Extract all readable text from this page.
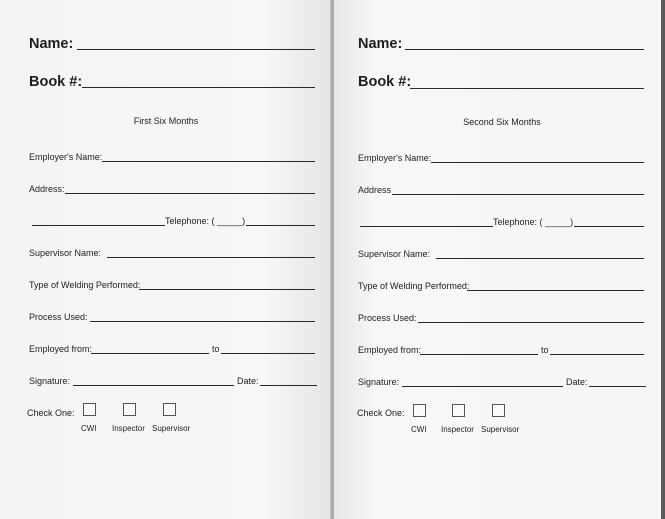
Name:
Book #:
First Six Months
Employer's Name:
Address:
Telephone: ( _____)
Supervisor Name:
Type of Welding Performed:
Process Used:
Employed from:	to
Signature:	Date:
Check One:
CWI Inspector Supervisor
Name:
Book #:
Second Six Months
Employer's Name:
Address
Telephone: ( _____)
Supervisor Name:
Type of Welding Performed:
Process Used:
Employed from:	to
Signature:	Date:
Check One:
CWI Inspector Supervisor
